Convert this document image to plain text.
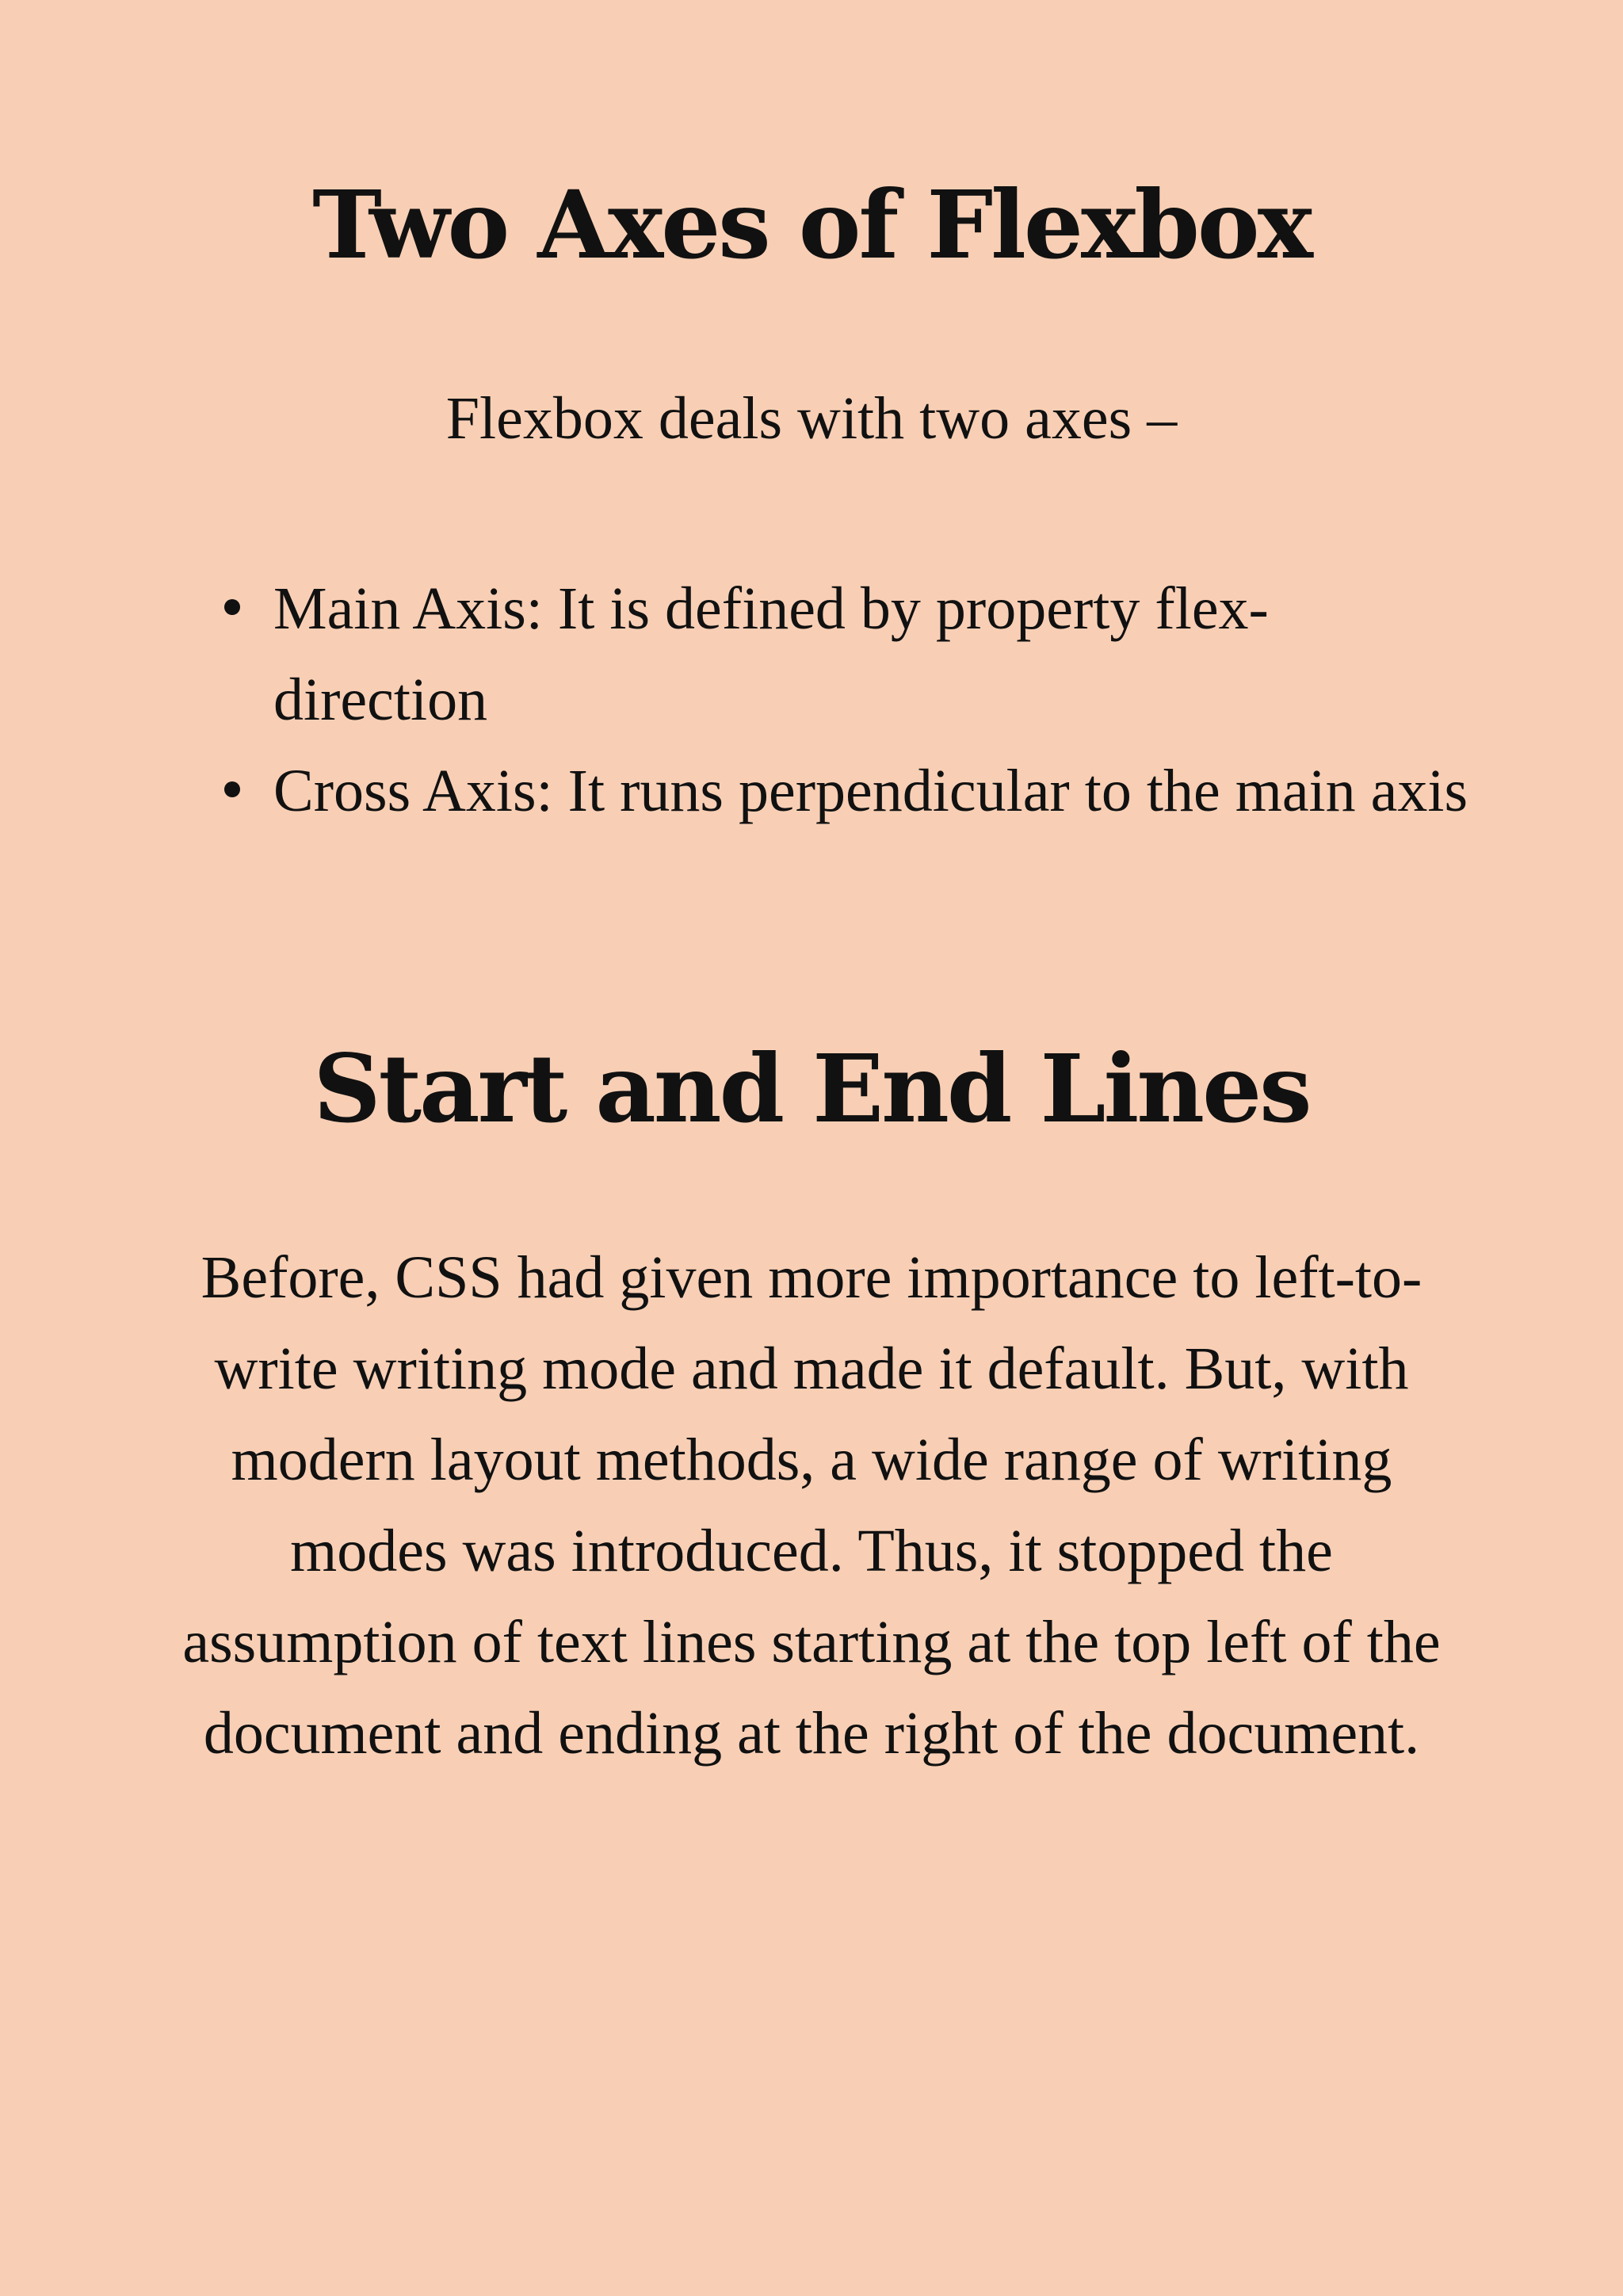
Two Axes of Flexbox

Flexbox deals with two axes –

Main Axis: It is defined by property flex-direction
Cross Axis: It runs perpendicular to the main axis
Start and End Lines

Before, CSS had given more importance to left-to-write writing mode and made it default. But, with modern layout methods, a wide range of writing modes was introduced. Thus, it stopped the assumption of text lines starting at the top left of the document and ending at the right of the document.
